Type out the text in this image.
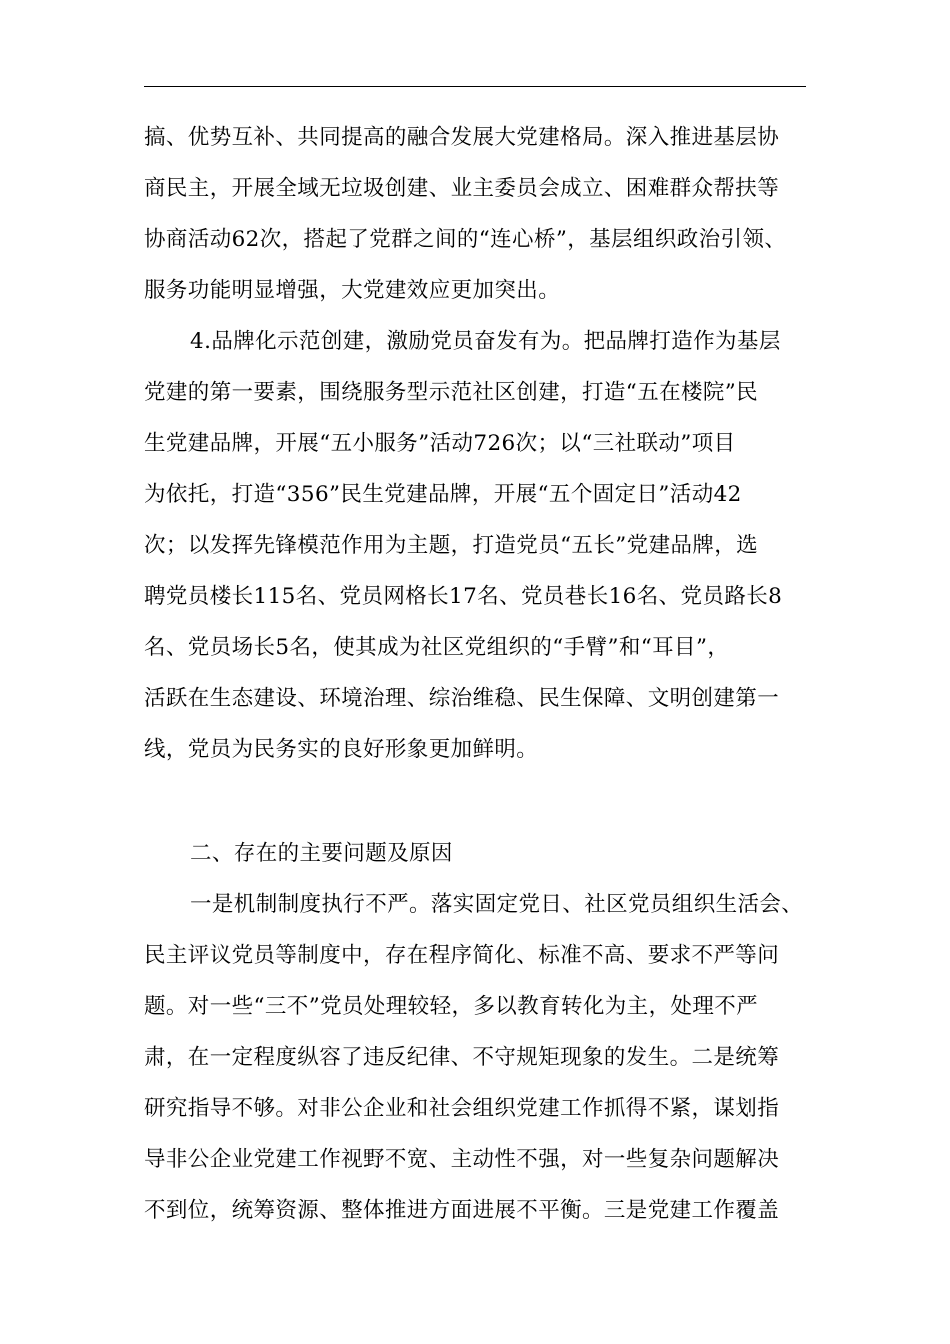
搞、优势互补、共同提高的融合发展大党建格局。深入推进基层协
商民主，开展全域无垃圾创建、业主委员会成立、困难群众帮扶等
协商活动62次，搭起了党群之间的“连心桥”，基层组织政治引领、
服务功能明显增强，大党建效应更加突出。
4.品牌化示范创建，激励党员奋发有为。把品牌打造作为基层
党建的第一要素，围绕服务型示范社区创建，打造“五在楼院”民
生党建品牌，开展“五小服务”活动726次；以“三社联动”项目
为依托，打造“356”民生党建品牌，开展“五个固定日”活动42
次；以发挥先锋模范作用为主题，打造党员“五长”党建品牌，选
聘党员楼长115名、党员网格长17名、党员巷长16名、党员路长8
名、党员场长5名，使其成为社区党组织的“手臂”和“耳目”，
活跃在生态建设、环境治理、综治维稳、民生保障、文明创建第一
线，党员为民务实的良好形象更加鲜明。
二、存在的主要问题及原因
一是机制制度执行不严。落实固定党日、社区党员组织生活会、
民主评议党员等制度中，存在程序简化、标准不高、要求不严等问
题。对一些“三不”党员处理较轻，多以教育转化为主，处理不严
肃，在一定程度纵容了违反纪律、不守规矩现象的发生。二是统筹
研究指导不够。对非公企业和社会组织党建工作抓得不紧，谋划指
导非公企业党建工作视野不宽、主动性不强，对一些复杂问题解决
不到位，统筹资源、整体推进方面进展不平衡。三是党建工作覆盖
